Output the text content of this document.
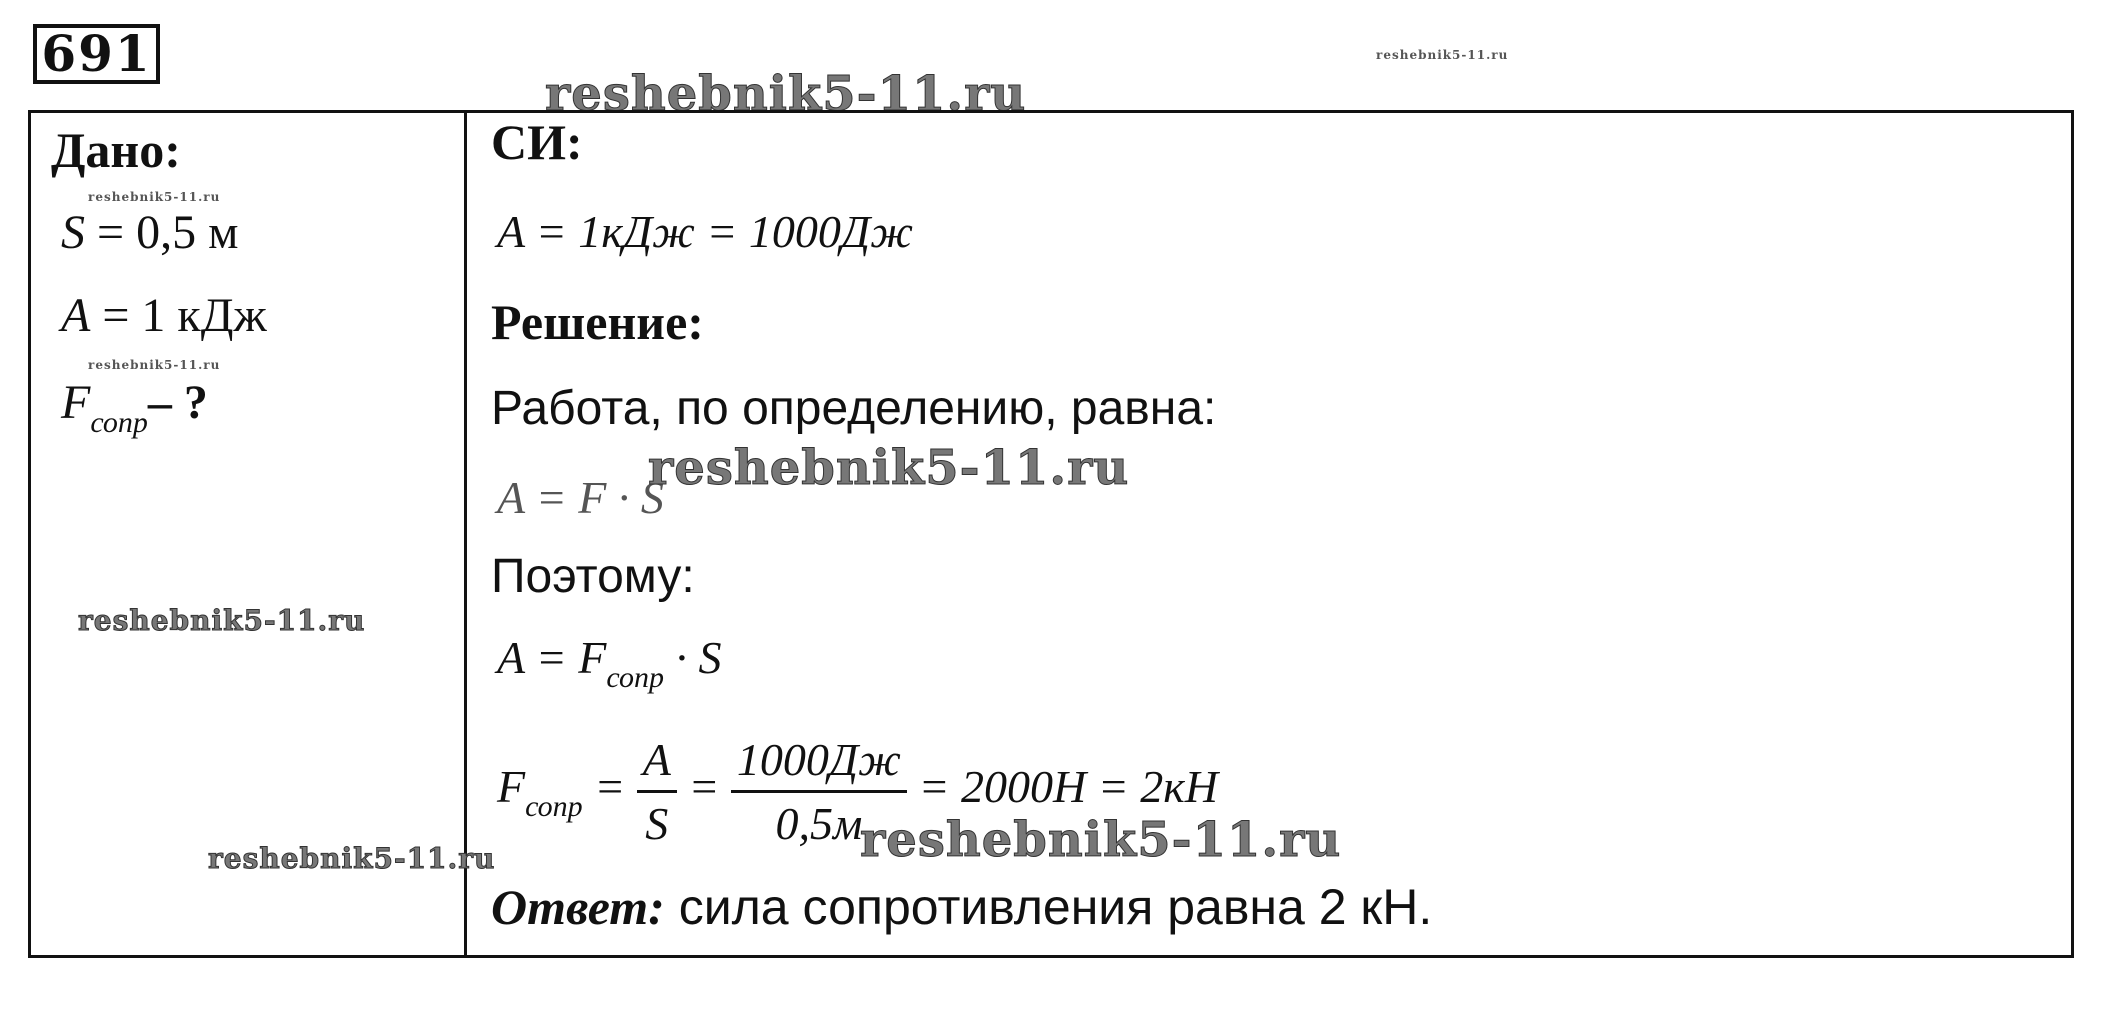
691	reshebnik5-11.ru
reshebnik5-11.ru
Дано:
S = 0,5 м
A = 1 кДж
$F_{сопр}-$ ?
СИ:
A = 1кДж = 1000Дж
Решение:
Работа, по определению, равна:
A = F · S
Поэтому:
$A = F_{сопр} \cdot S$
$F_{сопр} = \frac{A}{S} = \frac{1000Дж}{0,5м} = 2000H = 2кH$
Ответ: сила сопротивления равна 2 кН.
reshebnik5-11.ru
reshebnik5-11.ru
reshebnik5-11.ru
reshebnik5-11.ru
reshebnik5-11.ru
reshebnik5-11.ru
